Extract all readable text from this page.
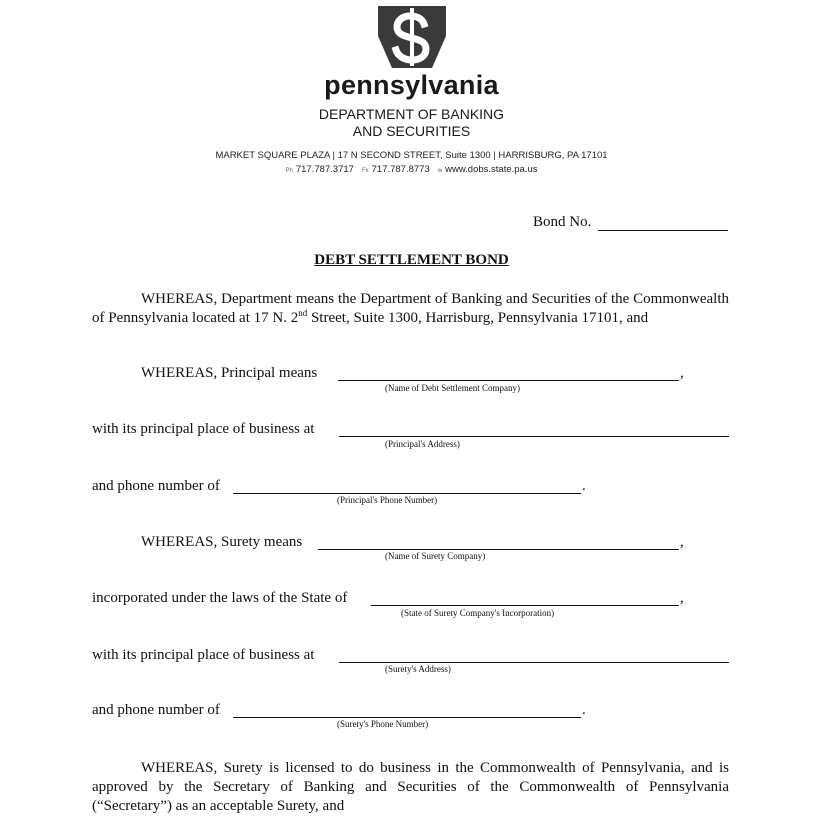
pennsylvania
DEPARTMENT OF BANKING
AND SECURITIES
MARKET SQUARE PLAZA | 17 N SECOND STREET, Suite 1300 | HARRISBURG, PA 17101
Ph 717.787.3717 Fx 717.787.8773 w www.dobs.state.pa.us
Bond No.
DEBT SETTLEMENT BOND
WHEREAS, Department means the Department of Banking and Securities of the Commonwealth of Pennsylvania located at 17 N. 2nd Street, Suite 1300, Harrisburg, Pennsylvania 17101, and
WHEREAS, Principal means	,
(Name of Debt Settlement Company)
with its principal place of business at
(Principal's Address)
and phone number of	.
(Principal's Phone Number)
WHEREAS, Surety means	,
(Name of Surety Company)
incorporated under the laws of the State of	,
(State of Surety Company's Incorporation)
with its principal place of business at
(Surety's Address)
and phone number of	.
(Surety's Phone Number)
WHEREAS, Surety is licensed to do business in the Commonwealth of Pennsylvania, and is approved by the Secretary of Banking and Securities of the Commonwealth of Pennsylvania (“Secretary”) as an acceptable Surety, and
